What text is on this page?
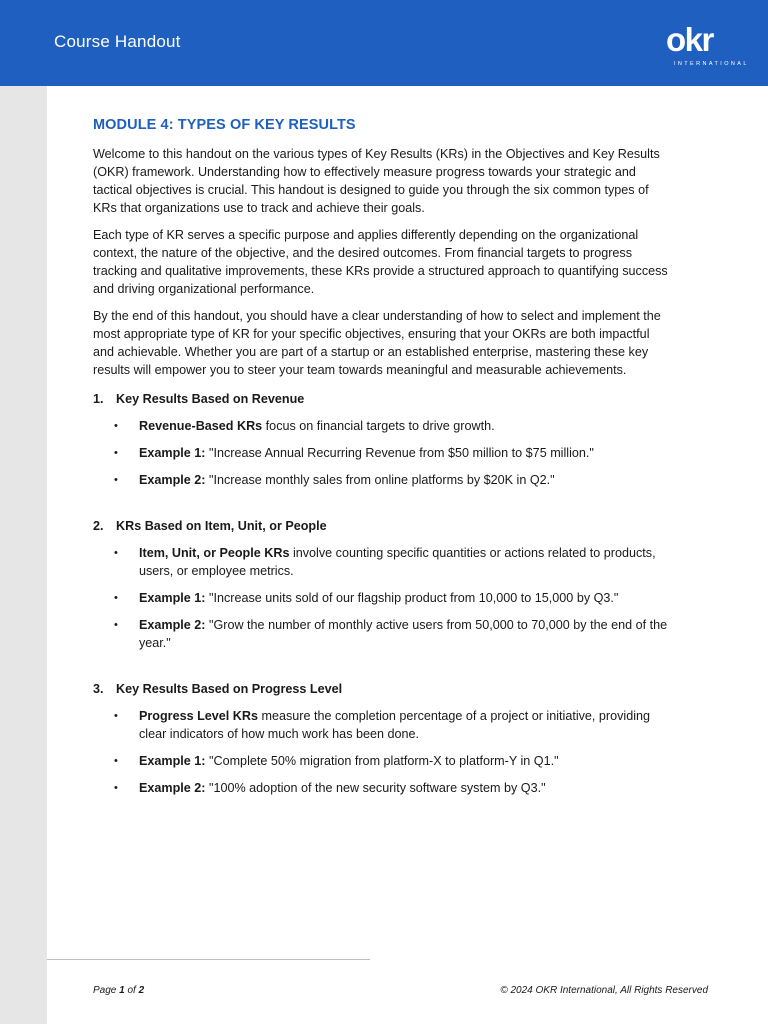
Course Handout	okr
INTERNATIONAL
MODULE 4: TYPES OF KEY RESULTS

Welcome to this handout on the various types of Key Results (KRs) in the Objectives and Key Results (OKR) framework. Understanding how to effectively measure progress towards your strategic and tactical objectives is crucial. This handout is designed to guide you through the six common types of KRs that organizations use to track and achieve their goals.

Each type of KR serves a specific purpose and applies differently depending on the organizational context, the nature of the objective, and the desired outcomes. From financial targets to progress tracking and qualitative improvements, these KRs provide a structured approach to quantifying success and driving organizational performance.

By the end of this handout, you should have a clear understanding of how to select and implement the most appropriate type of KR for your specific objectives, ensuring that your OKRs are both impactful and achievable. Whether you are part of a startup or an established enterprise, mastering these key results will empower you to steer your team towards meaningful and measurable achievements.

1. Key Results Based on Revenue
•	Revenue-Based KRs focus on financial targets to drive growth.
•	Example 1: "Increase Annual Recurring Revenue from $50 million to $75 million."
•	Example 2: "Increase monthly sales from online platforms by $20K in Q2."
2. KRs Based on Item, Unit, or People
•	Item, Unit, or People KRs involve counting specific quantities or actions related to products, users, or employee metrics.
•	Example 1: "Increase units sold of our flagship product from 10,000 to 15,000 by Q3."
•	Example 2: "Grow the number of monthly active users from 50,000 to 70,000 by the end of the year."
3. Key Results Based on Progress Level
•	Progress Level KRs measure the completion percentage of a project or initiative, providing clear indicators of how much work has been done.
•	Example 1: "Complete 50% migration from platform-X to platform-Y in Q1."
•	Example 2: "100% adoption of the new security software system by Q3."
Page 1 of 2	© 2024 OKR International, All Rights Reserved
